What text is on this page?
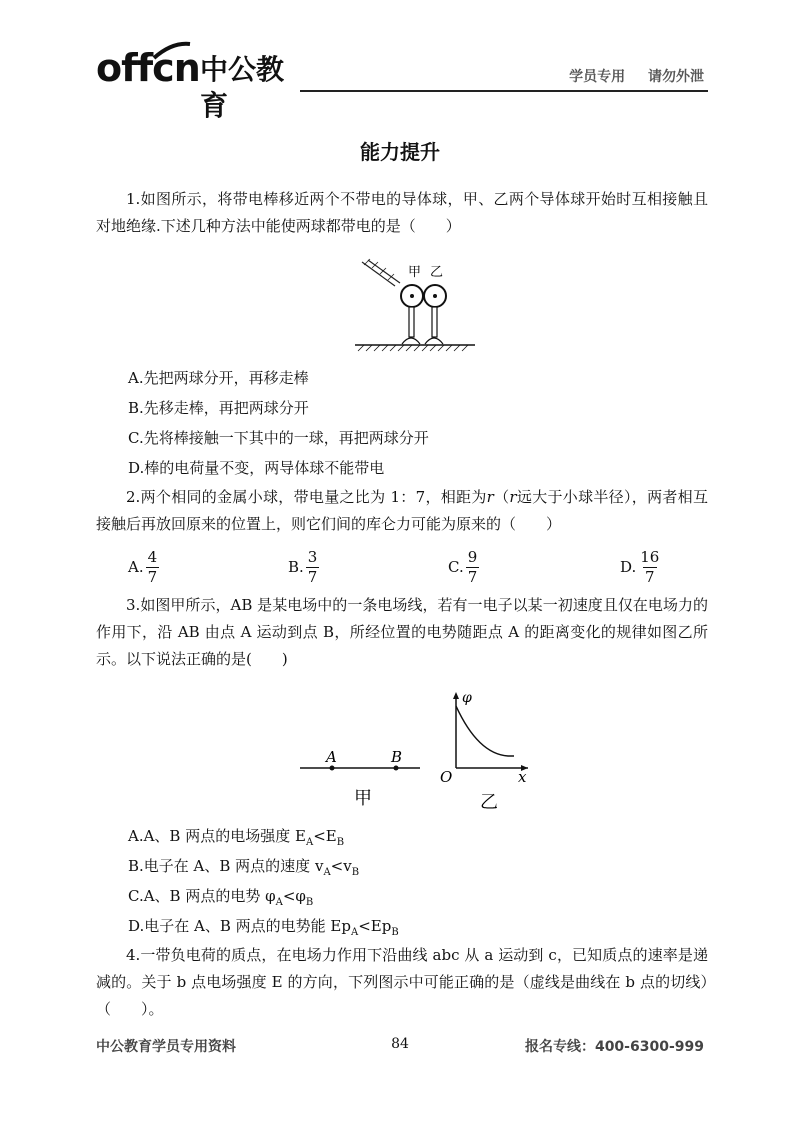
offcn 中公教育
学员专用 请勿外泄
能力提升
1.如图所示，将带电棒移近两个不带电的导体球，甲、乙两个导体球开始时互相接触且对地绝缘.下述几种方法中能使两球都带电的是（　　）
甲 乙
A.先把两球分开，再移走棒
B.先移走棒，再把两球分开
C.先将棒接触一下其中的一球，再把两球分开
D.棒的电荷量不变，两导体球不能带电
2.两个相同的金属小球，带电量之比为 1：7，相距为r（r远大于小球半径），两者相互接触后再放回原来的位置上，则它们间的库仑力可能为原来的（　　）
A. $\frac{4}{7}$	B. $\frac{3}{7}$	C. $\frac{9}{7}$	D. $\frac{16}{7}$
3.如图甲所示，AB 是某电场中的一条电场线，若有一电子以某一初速度且仅在电场力的作用下，沿 AB 由点 A 运动到点 B，所经位置的电势随距点 A 的距离变化的规律如图乙所示。以下说法正确的是(　　)
A	B
甲
φ
O	x
乙
A.A、B 两点的电场强度 $E_A<E_B$
B.电子在 A、B 两点的速度 $v_A<v_B$
C.A、B 两点的电势 $\varphi_A<\varphi_B$
D.电子在 A、B 两点的电势能 $Ep_A<Ep_B$
4.一带负电荷的质点，在电场力作用下沿曲线 abc 从 a 运动到 c，已知质点的速率是递减的。关于 b 点电场强度 E 的方向，下列图示中可能正确的是（虚线是曲线在 b 点的切线）（　　）。
中公教育学员专用资料	84	报名专线：400-6300-999
